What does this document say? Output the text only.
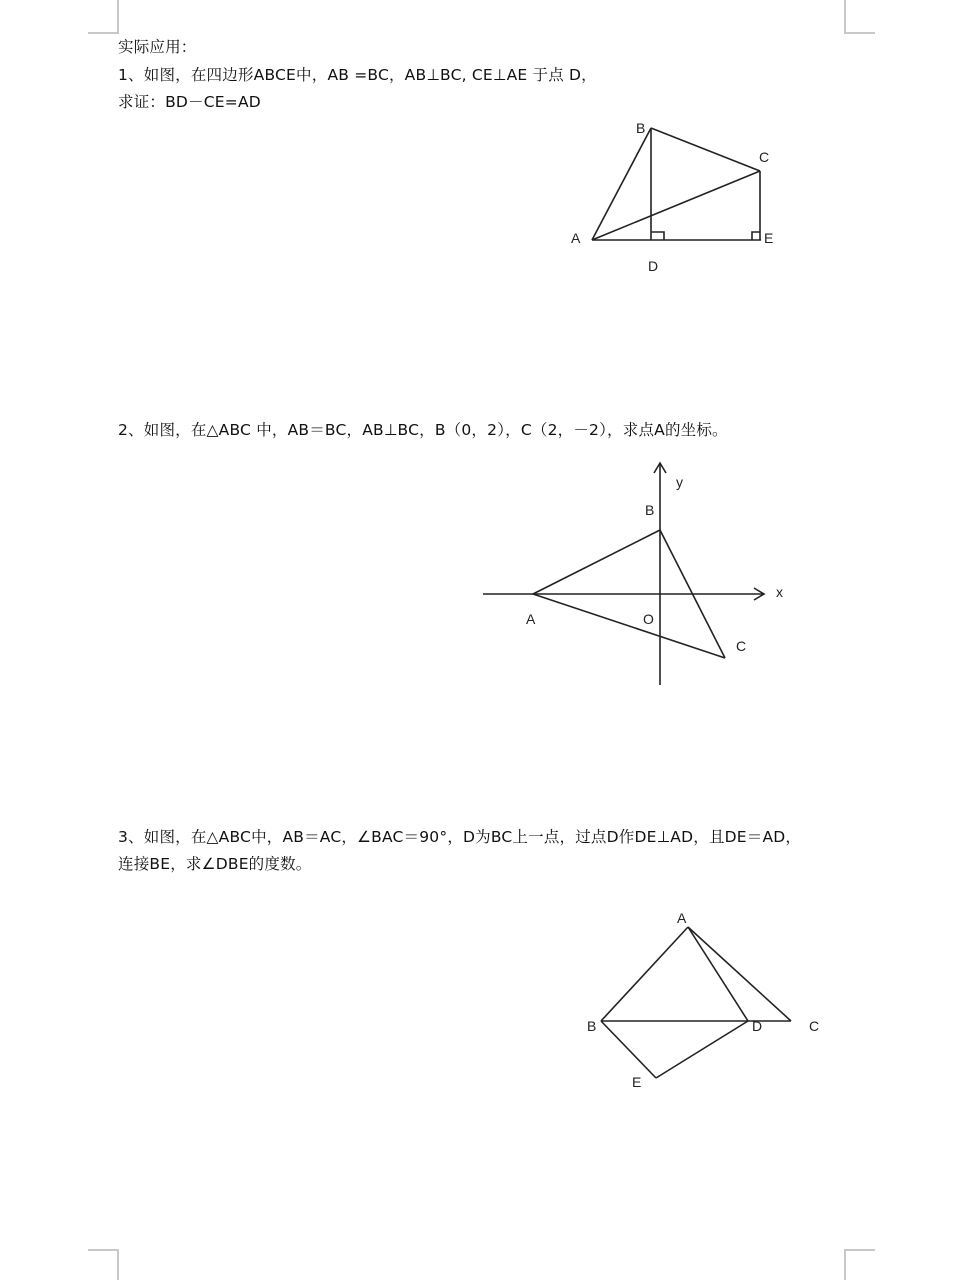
实际应用：
1、如图，在四边形ABCE中，AB =BC，AB⊥BC, CE⊥AE 于点 D，
求证：BD－CE=AD
B
C
A	E
D
2、如图，在△ABC 中，AB＝BC，AB⊥BC，B（0，2），C（2，－2），求点A的坐标。
y
B
x
A	O
C
3、如图，在△ABC中，AB＝AC，∠BAC＝90°，D为BC上一点，过点D作DE⊥AD，且DE＝AD，
连接BE，求∠DBE的度数。
A
B	D	C
E
